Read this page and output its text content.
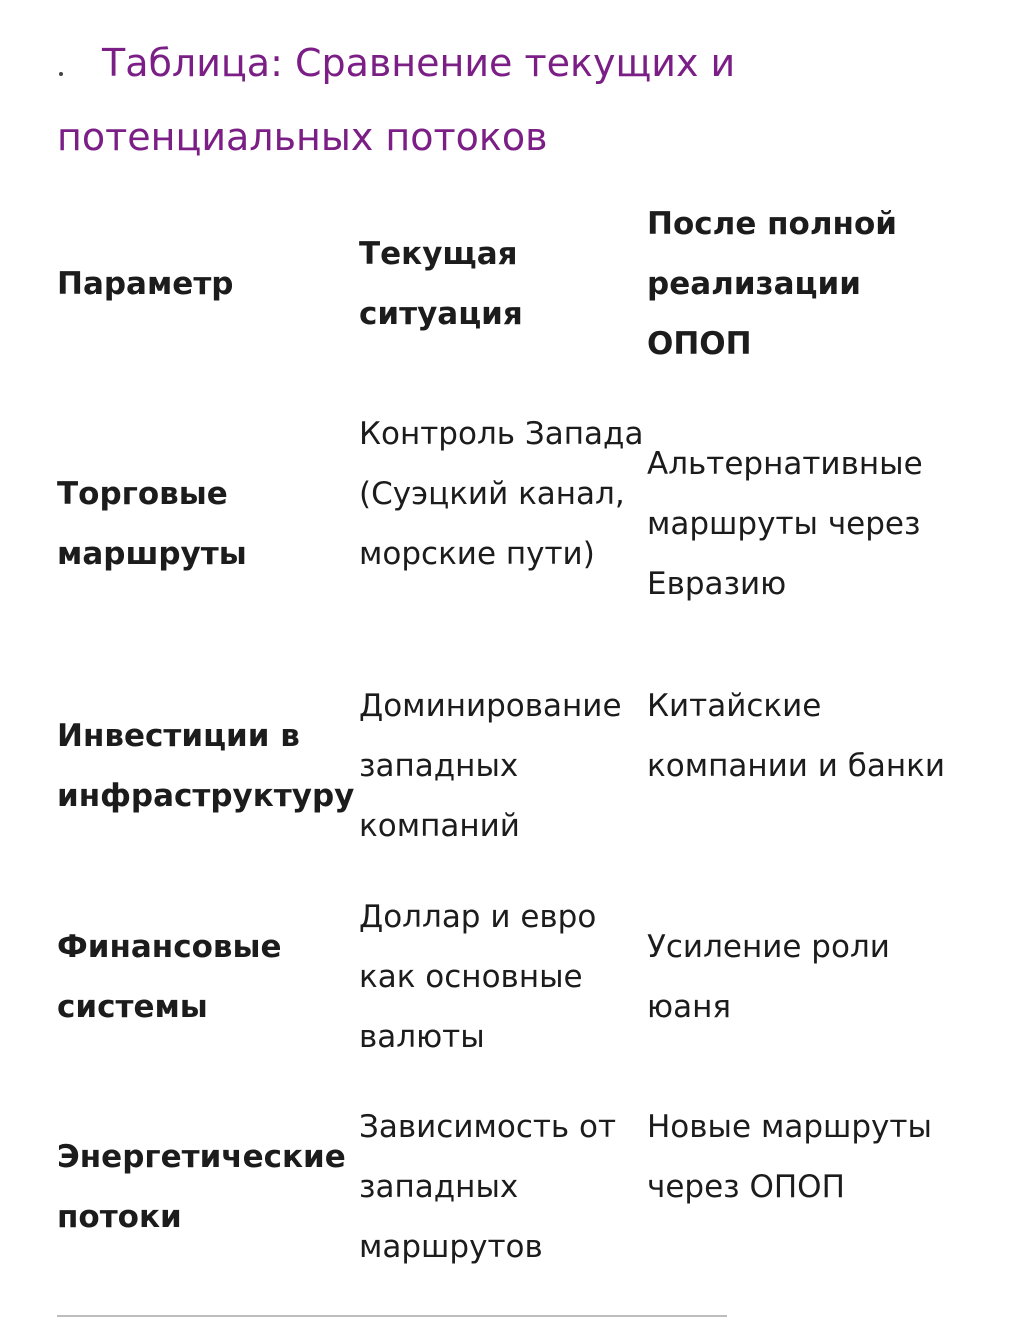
Таблица: Сравнение текущих и потенциальных потоков
Параметр
Текущая ситуация
После полной реализации ОПОП
Торговые маршруты
Контроль Запада (Суэцкий канал, морские пути)
Альтернативные маршруты через Евразию
Инвестиции в инфраструктуру
Доминирование западных компаний
Китайские компании и банки
Финансовые системы
Доллар и евро как основные валюты
Усиление роли юаня
Энергетические потоки
Зависимость от западных маршрутов
Новые маршруты через ОПОП
